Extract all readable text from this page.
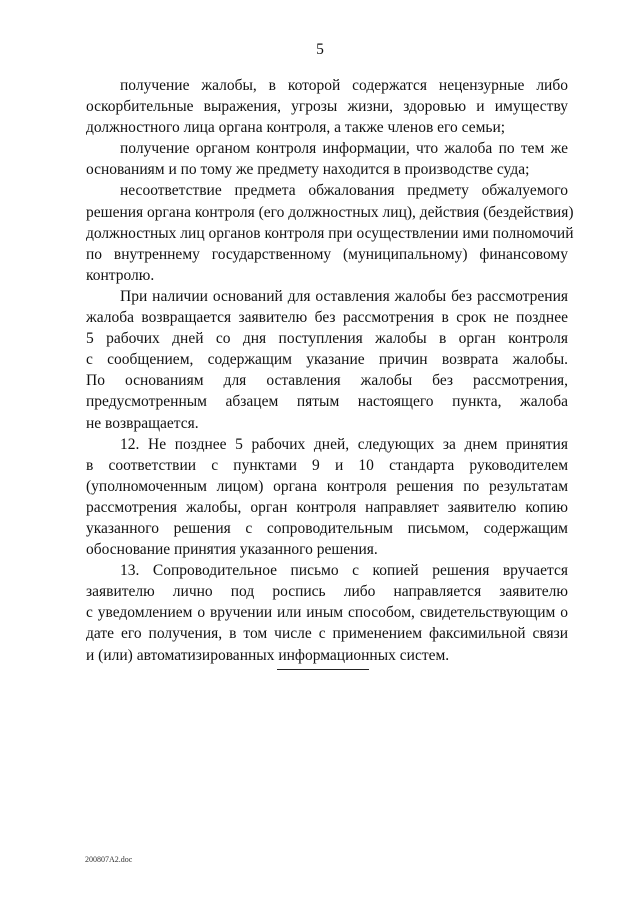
5
получение жалобы, в которой содержатся нецензурные либо
оскорбительные выражения, угрозы жизни, здоровью и имуществу
должностного лица органа контроля, а также членов его семьи;
получение органом контроля информации, что жалоба по тем же
основаниям и по тому же предмету находится в производстве суда;
несоответствие предмета обжалования предмету обжалуемого
решения органа контроля (его должностных лиц), действия (бездействия)
должностных лиц органов контроля при осуществлении ими полномочий
по внутреннему государственному (муниципальному) финансовому
контролю.
При наличии оснований для оставления жалобы без рассмотрения
жалоба возвращается заявителю без рассмотрения в срок не позднее
5 рабочих дней со дня поступления жалобы в орган контроля
с сообщением, содержащим указание причин возврата жалобы.
По основаниям для оставления жалобы без рассмотрения,
предусмотренным абзацем пятым настоящего пункта, жалоба
не возвращается.
12. Не позднее 5 рабочих дней, следующих за днем принятия
в соответствии с пунктами 9 и 10 стандарта руководителем
(уполномоченным лицом) органа контроля решения по результатам
рассмотрения жалобы, орган контроля направляет заявителю копию
указанного решения с сопроводительным письмом, содержащим
обоснование принятия указанного решения.
13. Сопроводительное письмо с копией решения вручается
заявителю лично под роспись либо направляется заявителю
с уведомлением о вручении или иным способом, свидетельствующим о
дате его получения, в том числе с применением факсимильной связи
и (или) автоматизированных информационных систем.
200807A2.doc
